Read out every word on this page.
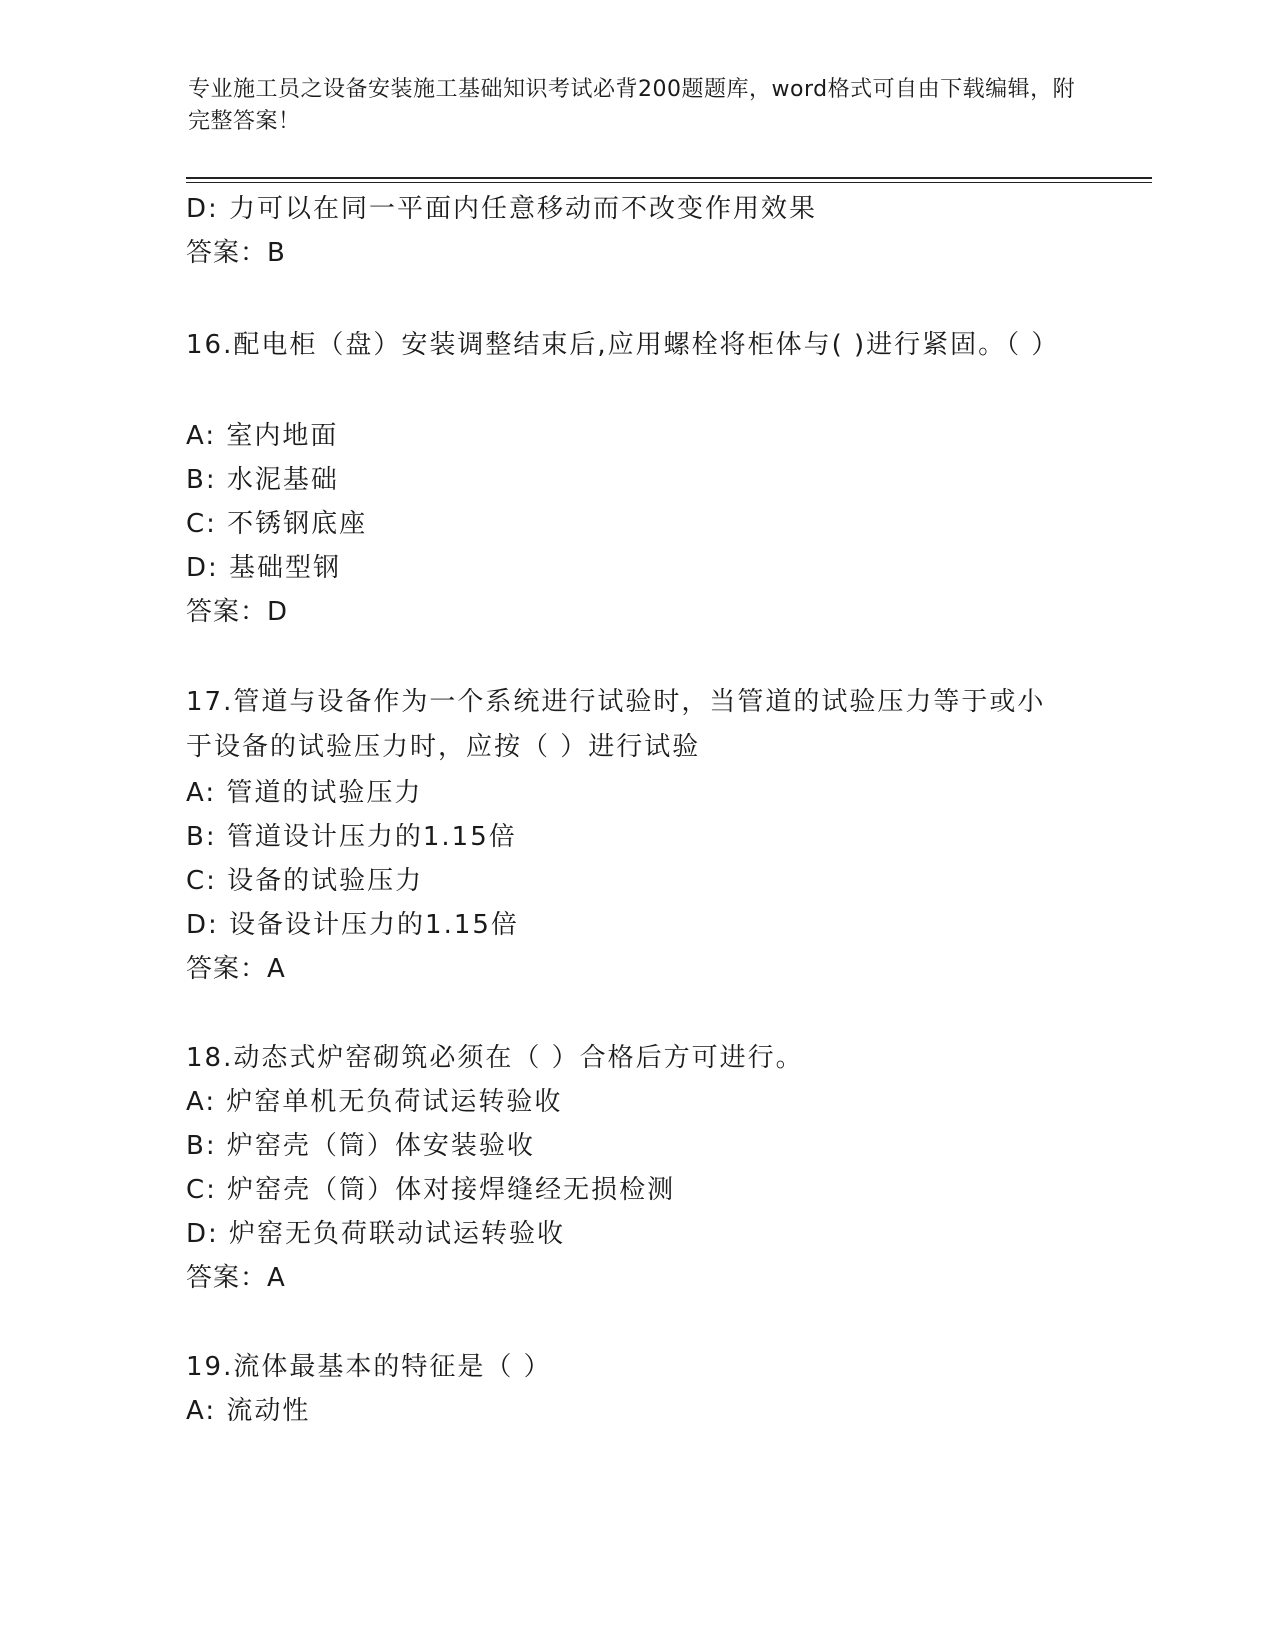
专业施工员之设备安装施工基础知识考试必背200题题库，word格式可自由下载编辑，附完整答案！
D: 力可以在同一平面内任意移动而不改变作用效果
答案：B
16.配电柜（盘）安装调整结束后,应用螺栓将柜体与( )进行紧固。（ ）
A: 室内地面
B: 水泥基础
C: 不锈钢底座
D: 基础型钢
答案：D
17.管道与设备作为一个系统进行试验时，当管道的试验压力等于或小于设备的试验压力时，应按（ ）进行试验
A: 管道的试验压力
B: 管道设计压力的1.15倍
C: 设备的试验压力
D: 设备设计压力的1.15倍
答案：A
18.动态式炉窑砌筑必须在（ ）合格后方可进行。
A: 炉窑单机无负荷试运转验收
B: 炉窑壳（筒）体安装验收
C: 炉窑壳（筒）体对接焊缝经无损检测
D: 炉窑无负荷联动试运转验收
答案：A
19.流体最基本的特征是（ ）
A: 流动性
